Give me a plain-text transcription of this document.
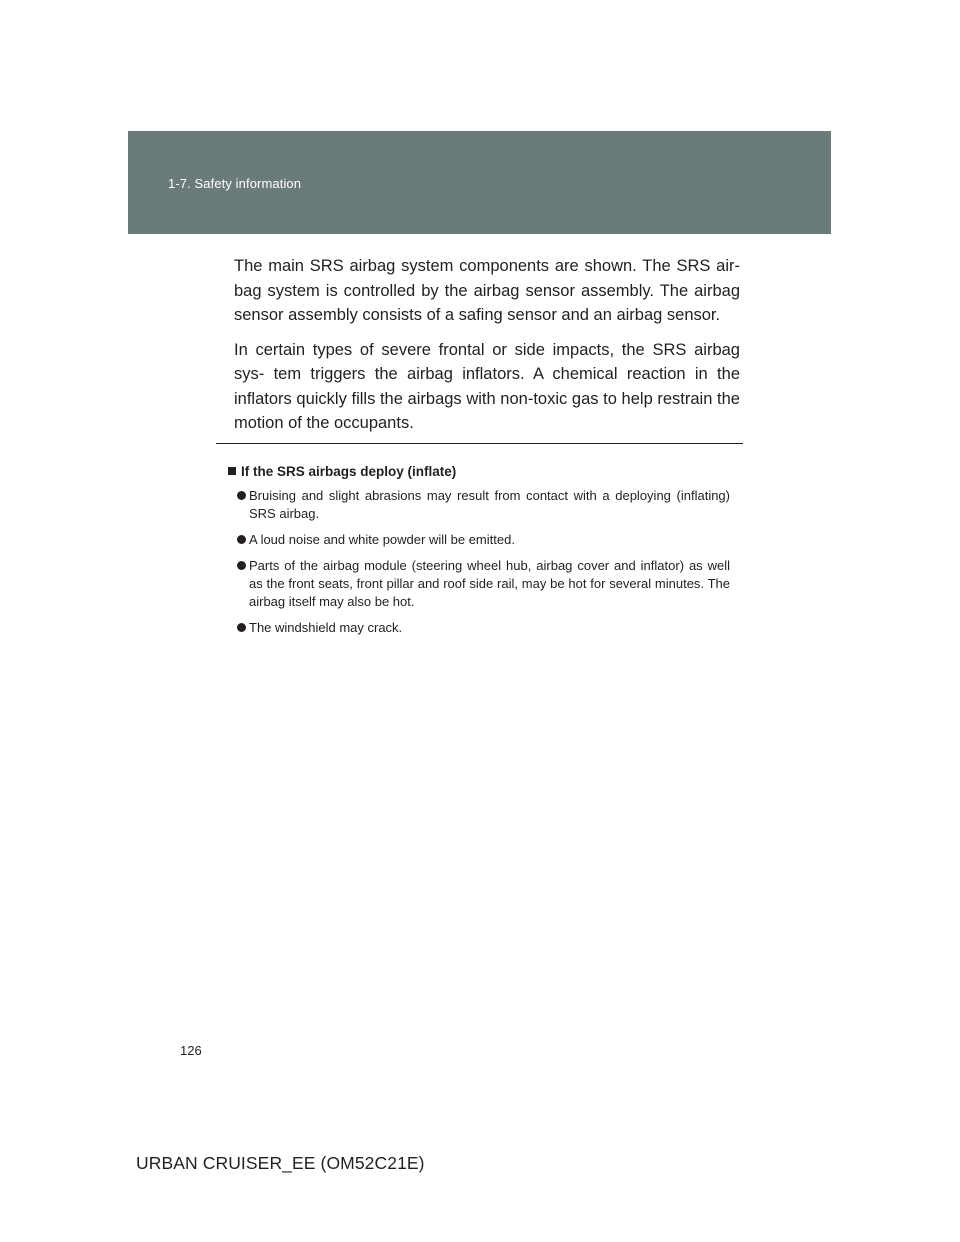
1-7. Safety information

The main SRS airbag system components are shown. The SRS air- bag system is controlled by the airbag sensor assembly. The airbag sensor assembly consists of a safing sensor and an airbag sensor.

In certain types of severe frontal or side impacts, the SRS airbag sys- tem triggers the airbag inflators. A chemical reaction in the inflators quickly fills the airbags with non-toxic gas to help restrain the motion of the occupants.

If the SRS airbags deploy (inflate)
Bruising and slight abrasions may result from contact with a deploying (inflating) SRS airbag.
A loud noise and white powder will be emitted.
Parts of the airbag module (steering wheel hub, airbag cover and inflator) as well as the front seats, front pillar and roof side rail, may be hot for several minutes. The airbag itself may also be hot.
The windshield may crack.
126
URBAN CRUISER_EE (OM52C21E)
